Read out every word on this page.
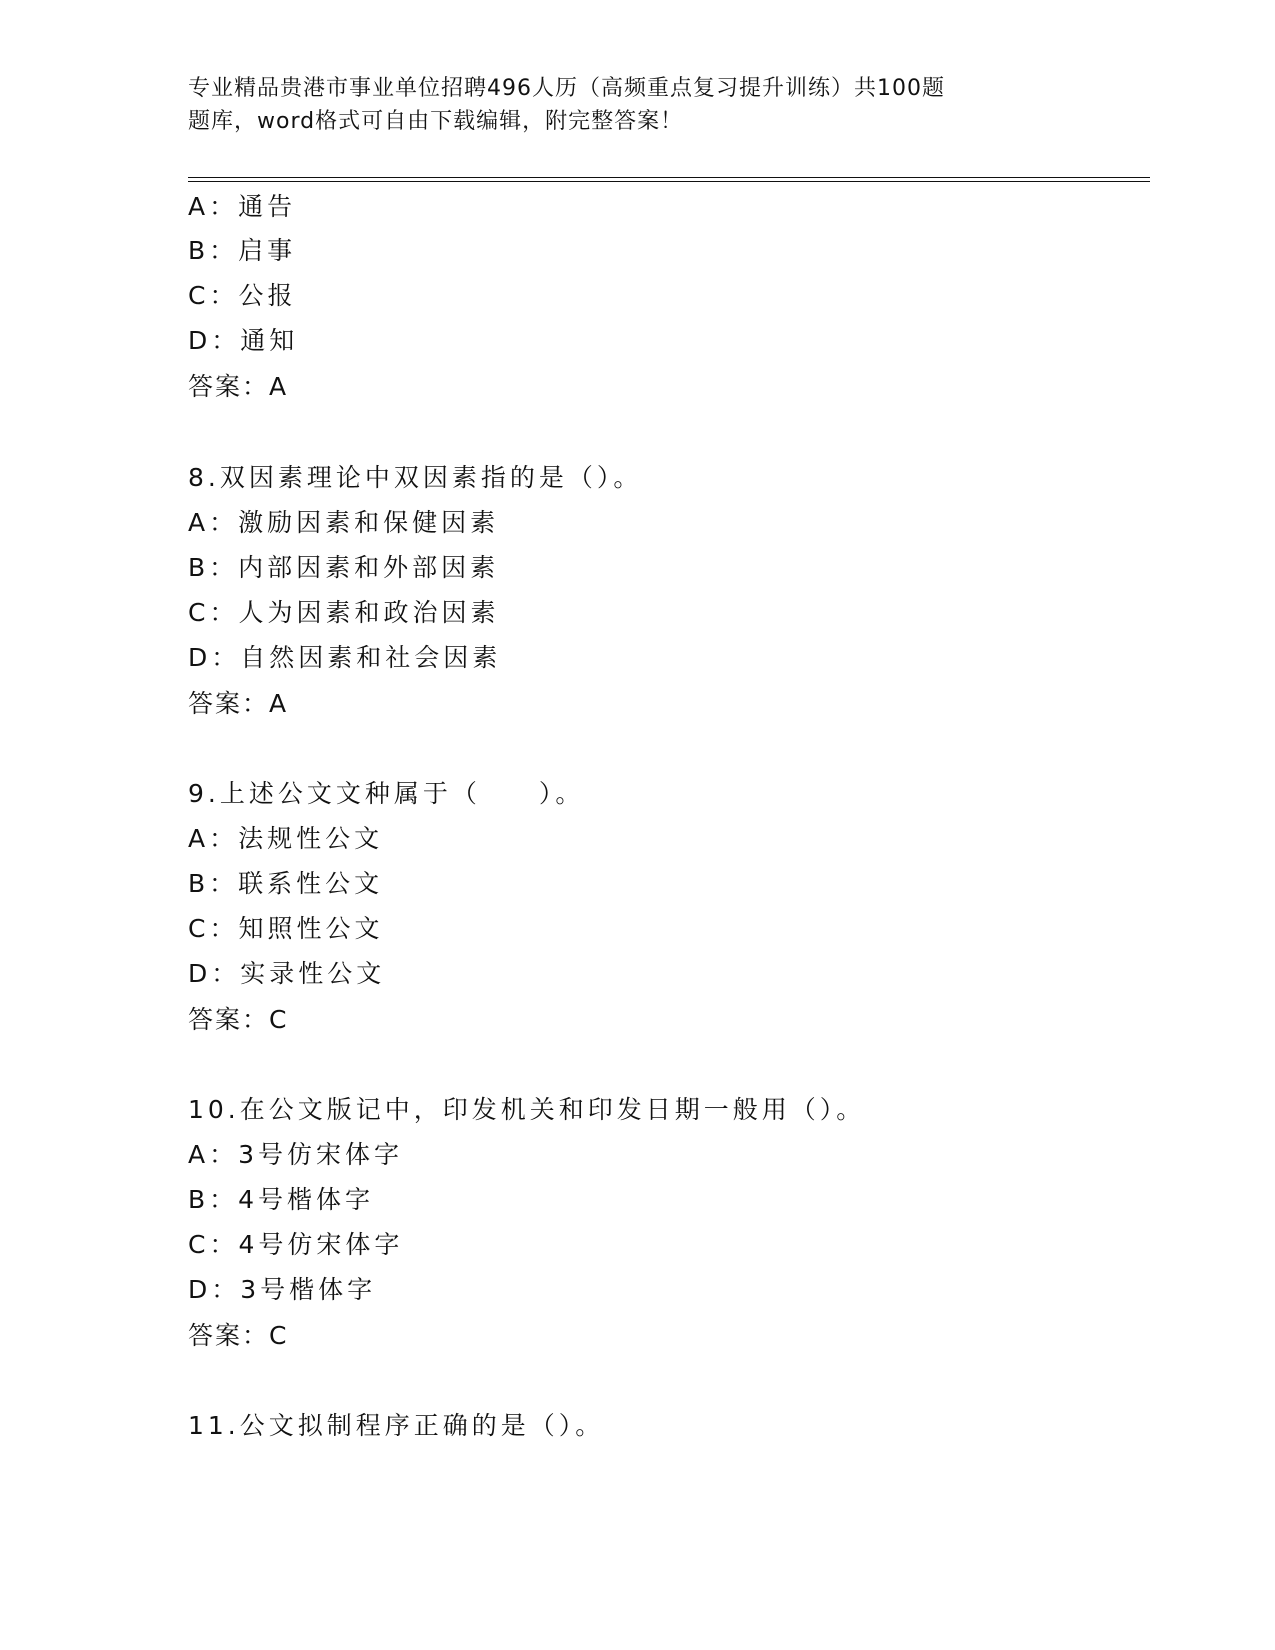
专业精品贵港市事业单位招聘496人历（高频重点复习提升训练）共100题
题库，word格式可自由下载编辑，附完整答案！
A：通告
B：启事
C：公报
D：通知
答案：A
8.双因素理论中双因素指的是（）。
A：激励因素和保健因素
B：内部因素和外部因素
C：人为因素和政治因素
D：自然因素和社会因素
答案：A
9.上述公文文种属于（　　）。
A：法规性公文
B：联系性公文
C：知照性公文
D：实录性公文
答案：C
10.在公文版记中，印发机关和印发日期一般用（）。
A：3号仿宋体字
B：4号楷体字
C：4号仿宋体字
D：3号楷体字
答案：C
11.公文拟制程序正确的是（）。
